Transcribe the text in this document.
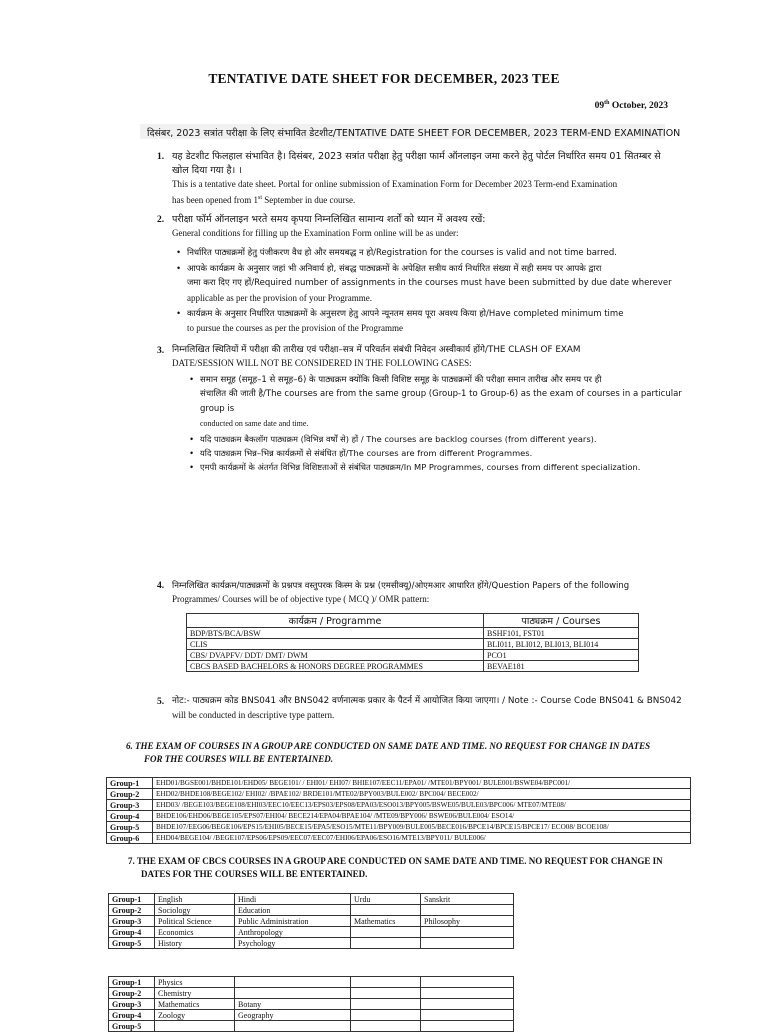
TENTATIVE DATE SHEET FOR DECEMBER, 2023 TEE
09th October, 2023
दिसंबर, 2023 सत्रांत परीक्षा के लिए संभावित डेटशीट/TENTATIVE DATE SHEET FOR DECEMBER, 2023 TERM-END EXAMINATION
1. यह डेटशीट फिलहाल संभावित है। दिसंबर, 2023 सत्रांत परीक्षा हेतु परीक्षा फार्म ऑनलाइन जमा करने हेतु पोर्टल निर्धारित समय 01 सितम्बर से
खोल दिया गया है। ।
This is a tentative date sheet. Portal for online submission of Examination Form for December 2023 Term-end Examination
has been opened from 1st September in due course.
2. परीक्षा फॉर्म ऑनलाइन भरते समय कृपया निम्नलिखित सामान्य शर्तों को ध्यान में अवश्य रखें:
General conditions for filling up the Examination Form online will be as under:
• निर्धारित पाठ्यक्रमों हेतु पंजीकरण वैध हो और समयबद्ध न हो/Registration for the courses is valid and not time barred.
• आपके कार्यक्रम के अनुसार जहां भी अनिवार्य हो, संबद्ध पाठ्यक्रमों के अपेक्षित सत्रीय कार्य निर्धारित संख्या में सही समय पर आपके द्वारा
जमा करा दिए गए हों/Required number of assignments in the courses must have been submitted by due date wherever
applicable as per the provision of your Programme.
• कार्यक्रम के अनुसार निर्धारित पाठ्यक्रमों के अनुसरण हेतु आपने न्यूनतम समय पूरा अवश्य किया हो/Have completed minimum time
to pursue the courses as per the provision of the Programme
3. निम्नलिखित स्थितियों में परीक्षा की तारीख एवं परीक्षा–सत्र में परिवर्तन संबंधी निवेदन अस्वीकार्य होंगे/THE CLASH OF EXAM
DATE/SESSION WILL NOT BE CONSIDERED IN THE FOLLOWING CASES:
• समान समूह (समूह–1 से समूह–6) के पाठ्यक्रम क्योंकि किसी विशिष्ट समूह के पाठ्यक्रमों की परीक्षा समान तारीख और समय पर ही
संचालित की जाती है/The courses are from the same group (Group-1 to Group-6) as the exam of courses in a particular group is
conducted on same date and time.
• यदि पाठ्यक्रम बैकलॉग पाठ्यक्रम (विभिन्न वर्षों से) हों / The courses are backlog courses (from different years).
• यदि पाठ्यक्रम भिन्न–भिन्न कार्यक्रमों से संबंधित हों/The courses are from different Programmes.
• एमपी कार्यक्रमों के अंतर्गत विभिन्न विशिष्टताओं से संबंधित पाठ्यक्रम/In MP Programmes, courses from different specialization.
4. निम्नलिखित कार्यक्रम/पाठ्यक्रमों के प्रश्नपत्र वस्तुपरक किस्म के प्रश्न (एमसीक्यू)/ओएमआर आधारित होंगे/Question Papers of the following
Programmes/ Courses will be of objective type ( MCQ )/ OMR pattern:
कार्यक्रम / Programme	पाठ्यक्रम / Courses
BDP/BTS/BCA/BSW	BSHF101, FST01
CLIS	BLI011, BLI012, BLI013, BLI014
CBS/ DVAPFV/ DDT/ DMT/ DWM	PCO1
CBCS BASED BACHELORS & HONORS DEGREE PROGRAMMES	BEVAE181
5. नोट:- पाठ्यक्रम कोड BNS041 और BNS042 वर्णनात्मक प्रकार के पैटर्न में आयोजित किया जाएगा। / Note :- Course Code BNS041 & BNS042
will be conducted in descriptive type pattern.
6. THE EXAM OF COURSES IN A GROUP ARE CONDUCTED ON SAME DATE AND TIME. NO REQUEST FOR CHANGE IN DATES
FOR THE COURSES WILL BE ENTERTAINED.
Group-1	EHD01/BGSE001/BHDE101/EHD05/ BEGE101/ / EHI01/ EHI07/ BHIE107/EEC11/EPA01/ /MTE01/BPY001/ BULE001/BSWE04/BPC001/
Group-2	EHD02/BHDE108/BEGE102/ EHI02/ /BPAE102/ BRDE101/MTE02/BPY003/BULE002/ BPC004/ BECE002/
Group-3	EHD03/ /BEGE103/BEGE108/EHI03/EEC10/EEC13/EPS03/EPS08/EPA03/ESO013/BPY005/BSWE05/BULE03/BPC006/ MTE07/MTE08/
Group-4	BHDE106/EHD06/BEGE105/EPS07/EHI04/ BECE214/EPA04/BPAE104/ /MTE09/BPY006/ BSWE06/BULE004/ ESO14/
Group-5	BHDE107/EEG06/BEGE106/EPS15/EHI05/BECE15/EPA5/ESO15/MTE11/BPY009/BULE005/BECE016/BPCE14/BPCE15/BPCE17/ ECO08/ BCOE108/
Group-6	EHD04/BEGE104/ /BEGE107/EPS06/EPS09/EEC07/EEC07/EHI06/EPA06/ESO16/MTE13/BPY011/ BULE006/
7. THE EXAM OF CBCS COURSES IN A GROUP ARE CONDUCTED ON SAME DATE AND TIME. NO REQUEST FOR CHANGE IN
DATES FOR THE COURSES WILL BE ENTERTAINED.
Group-1	English	Hindi	Urdu	Sanskrit
Group-2	Sociology	Education		
Group-3	Political Science	Public Administration	Mathematics	Philosophy
Group-4	Economics	Anthropology		
Group-5	History	Psychology		
Group-1	Physics			
Group-2	Chemistry			
Group-3	Mathematics	Botany		
Group-4	Zoology	Geography		
Group-5				
